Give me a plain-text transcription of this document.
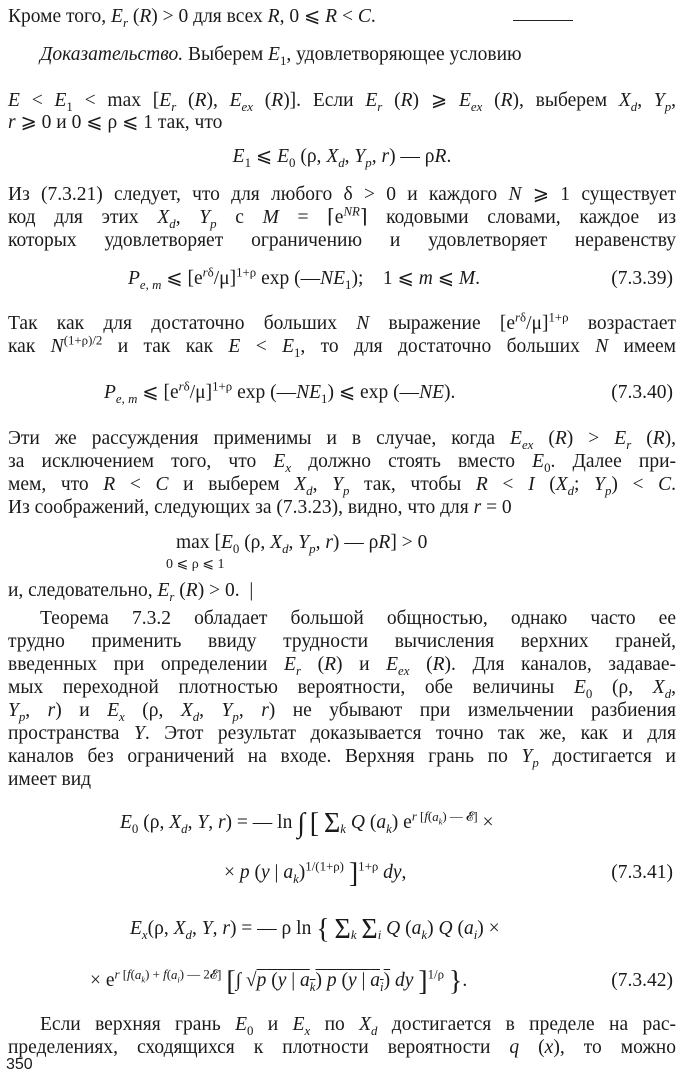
Кроме того, $E_r$ (R) > 0 для всех R, 0 ⩽ R < C.
Доказательство. Выберем $E_1$, удовлетворяющее условию
$E < E_1 < \max [E_r$ (R), $E_{ex}$ (R)]. Если $E_r$ (R) ⩾ $E_{ex}$ (R), выберем $X_d$, $Y_p$,
r ⩾ 0 и 0 ⩽ ρ ⩽ 1 так, что
$E_1$ ⩽ $E_0$ (ρ, $X_d$, $Y_p$, r) — ρR.
Из (7.3.21) следует, что для любого δ > 0 и каждого N ⩾ 1 существует
код для этих $X_d$, $Y_p$ с $M = ⌈e^{NR}⌉$ кодовыми словами, каждое из
которых удовлетворяет ограничению и удовлетворяет неравенству
$P_{e, m}$ ⩽ $[e^{r\delta}/\mu]^{1+\rho}$ $\exp (—NE_1)$;    1 ⩽ m ⩽ M.	(7.3.39)
Так как для достаточно больших N выражение $[e^{r\delta}/\mu]^{1+\rho}$ возрастает
как $N^{(1+\rho)/2}$ и так как $E < E_1$, то для достаточно больших N имеем
$P_{e, m}$ ⩽ $[e^{r\delta}/\mu]^{1+\rho}$ $\exp (—NE_1)$ ⩽ exp (—NE).	(7.3.40)
Эти же рассуждения применимы и в случае, когда $E_{ex}$ $(R) > E_r$ (R),
за исключением того, что $E_x$ должно стоять вместо $E_0$. Далее при-
мем, что R < C и выберем $X_d$, $Y_p$ так, чтобы R < I ($X_d$; $Y_p) < C$.
Из соображений, следующих за (7.3.23), видно, что для r = 0
$\max [E_0$ (ρ, $X_d$, $Y_p$, r) — ρR] > 0
0 ⩽ ρ ⩽ 1
и, следовательно, $E_r$ (R) > 0.  |
Теорема 7.3.2 обладает большой общностью, однако часто ее
трудно применить ввиду трудности вычисления верхних граней,
введенных при определении $E_r$ (R) и $E_{ex}$ (R). Для каналов, задавае-
мых переходной плотностью вероятности, обе величины $E_0$ (ρ, $X_d$,
$Y_p$, r) и $E_x$ (ρ, $X_d$, $Y_p$, r) не убывают при измельчении разбиения
пространства Y. Этот результат доказывается точно так же, как и для
каналов без ограничений на входе. Верхняя грань по $Y_p$ достигается и
имеет вид
$E_0$ (ρ, $X_d$, Y, r) = — ln ∫ [ $\Sigma_k$ Q $(a_k) e^{r [f(a_k) — 𝓔]}$ ×
× p (y | $a_k)^{1/(1+\rho)}$ ]$^{1+\rho}$ dy,	(7.3.41)
$E_x(\rho$, $X_d$, Y, r) = — ρ ln { $\Sigma_k$ $\Sigma_i$ Q $(a_k)$ Q $(a_i)$ ×
× $e^{r [f(a_k) + f(a_i) — 2𝓔]}$ [∫ √p (y | $a_k$) p (y | $a_i$) dy ]$^{1/\rho}$ }.	(7.3.42)
Если верхняя грань $E_0$ и $E_x$ по $X_d$ достигается в пределе на рас-
пределениях, сходящихся к плотности вероятности q (x), то можно
350
